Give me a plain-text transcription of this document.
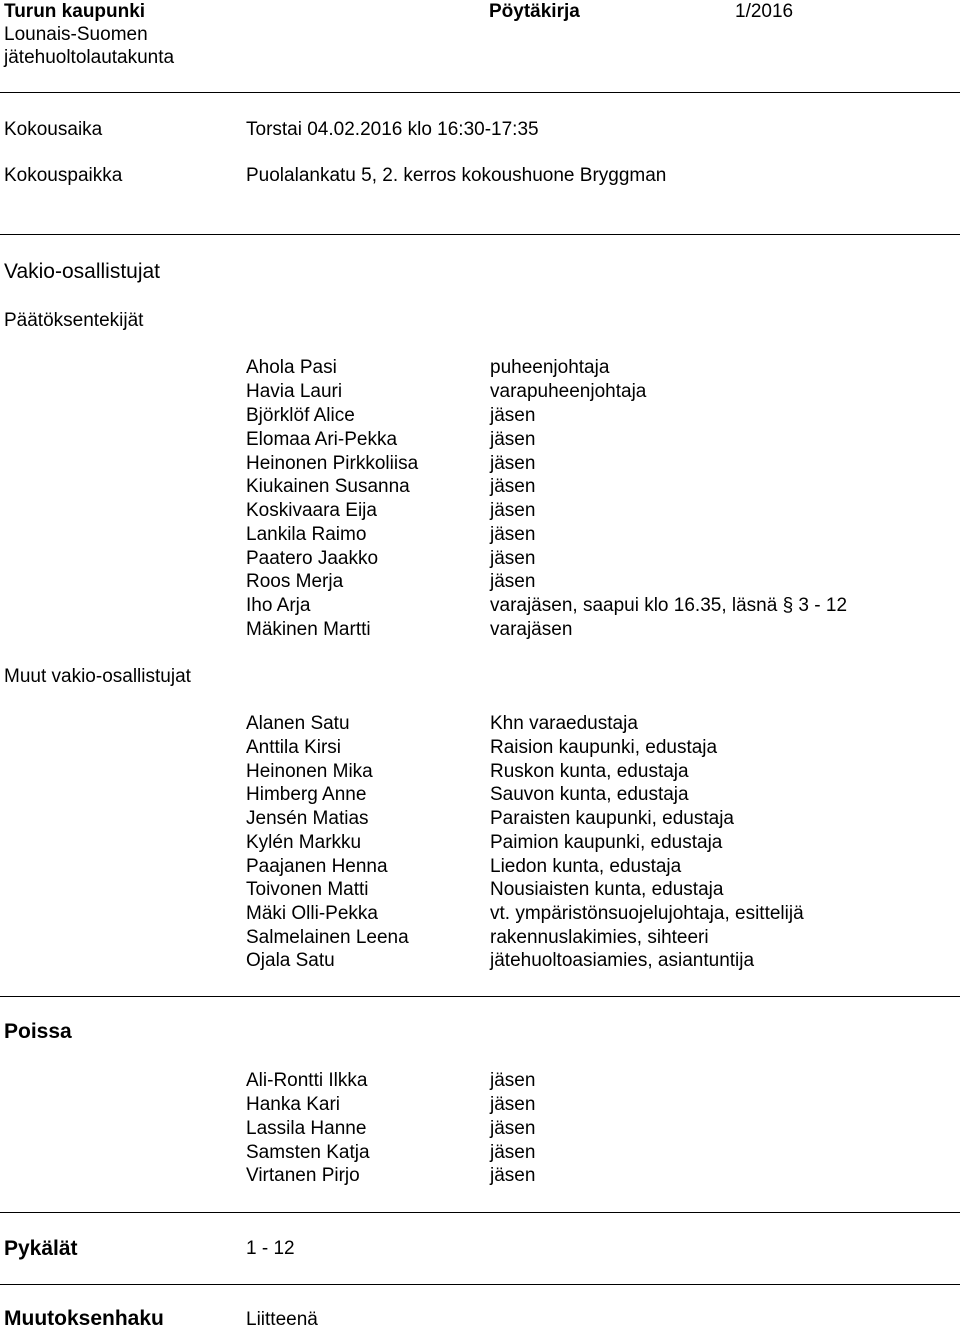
Turun kaupunki
Lounais-Suomen
jätehuoltolautakunta
Pöytäkirja	1/2016
Kokousaika	Torstai 04.02.2016 klo 16:30-17:35
Kokouspaikka	Puolalankatu 5, 2. kerros kokoushuone Bryggman
Vakio-osallistujat
Päätöksentekijät
Ahola Pasi	puheenjohtaja
Havia Lauri	varapuheenjohtaja
Björklöf Alice	jäsen
Elomaa Ari-Pekka	jäsen
Heinonen Pirkkoliisa	jäsen
Kiukainen Susanna	jäsen
Koskivaara Eija	jäsen
Lankila Raimo	jäsen
Paatero Jaakko	jäsen
Roos Merja	jäsen
Iho Arja	varajäsen, saapui klo 16.35, läsnä § 3 - 12
Mäkinen Martti	varajäsen
Muut vakio-osallistujat
Alanen Satu	Khn varaedustaja
Anttila Kirsi	Raision kaupunki, edustaja
Heinonen Mika	Ruskon kunta, edustaja
Himberg Anne	Sauvon kunta, edustaja
Jensén Matias	Paraisten kaupunki, edustaja
Kylén Markku	Paimion kaupunki, edustaja
Paajanen Henna	Liedon kunta, edustaja
Toivonen Matti	Nousiaisten kunta, edustaja
Mäki Olli-Pekka	vt. ympäristönsuojelujohtaja, esittelijä
Salmelainen Leena	rakennuslakimies, sihteeri
Ojala Satu	jätehuoltoasiamies, asiantuntija
Poissa
Ali-Rontti Ilkka	jäsen
Hanka Kari	jäsen
Lassila Hanne	jäsen
Samsten Katja	jäsen
Virtanen Pirjo	jäsen
Pykälät	1 - 12
Muutoksenhaku	Liitteenä
